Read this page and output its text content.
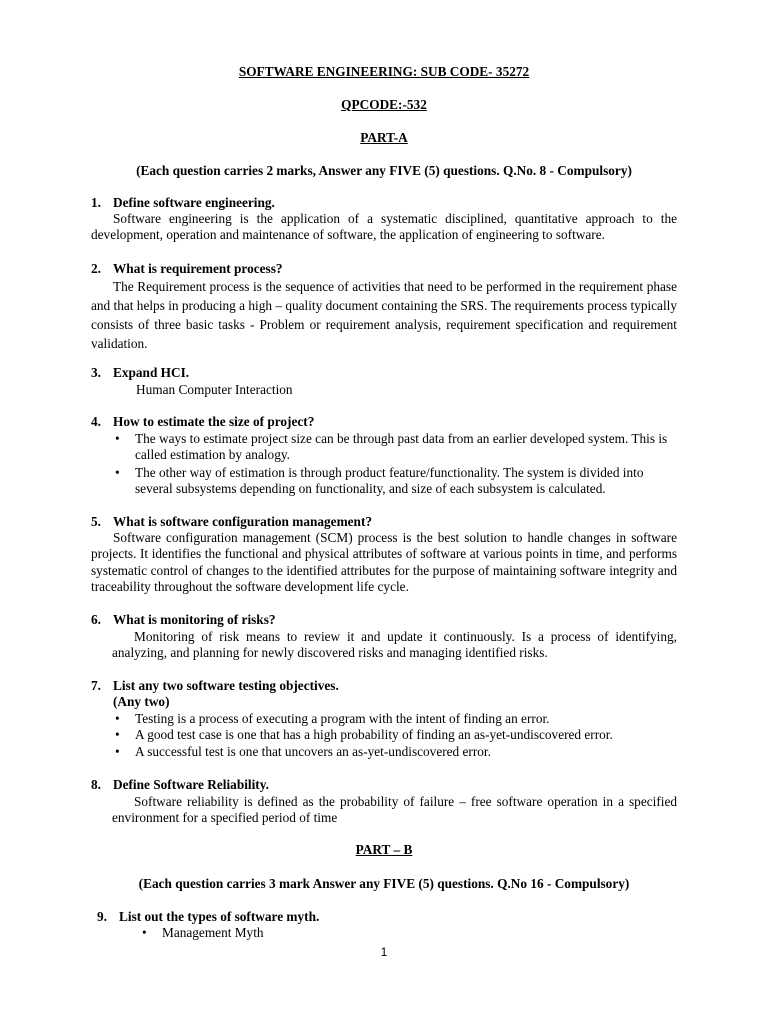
SOFTWARE ENGINEERING: SUB CODE- 35272
QPCODE:-532
PART-A
(Each question carries 2 marks, Answer any FIVE (5) questions. Q.No. 8 - Compulsory)
1. Define software engineering.
Software engineering is the application of a systematic disciplined, quantitative approach to the development, operation and maintenance of software, the application of engineering to software.
2. What is requirement process?
The Requirement process is the sequence of activities that need to be performed in the requirement phase and that helps in producing a high – quality document containing the SRS. The requirements process typically consists of three basic tasks - Problem or requirement analysis, requirement specification and requirement validation.
3. Expand HCI.
Human Computer Interaction
4. How to estimate the size of project?
• The ways to estimate project size can be through past data from an earlier developed system. This is called estimation by analogy.
• The other way of estimation is through product feature/functionality. The system is divided into several subsystems depending on functionality, and size of each subsystem is calculated.
5. What is software configuration management?
Software configuration management (SCM) process is the best solution to handle changes in software projects. It identifies the functional and physical attributes of software at various points in time, and performs systematic control of changes to the identified attributes for the purpose of maintaining software integrity and traceability throughout the software development life cycle.
6. What is monitoring of risks?
Monitoring of risk means to review it and update it continuously. Is a process of identifying, analyzing, and planning for newly discovered risks and managing identified risks.
7. List any two software testing objectives.
(Any two)
• Testing is a process of executing a program with the intent of finding an error.
• A good test case is one that has a high probability of finding an as-yet-undiscovered error.
• A successful test is one that uncovers an as-yet-undiscovered error.
8. Define Software Reliability.
Software reliability is defined as the probability of failure – free software operation in a specified environment for a specified period of time
PART – B
(Each question carries 3 mark Answer any FIVE (5) questions. Q.No 16 - Compulsory)
9. List out the types of software myth.
• Management Myth
1
